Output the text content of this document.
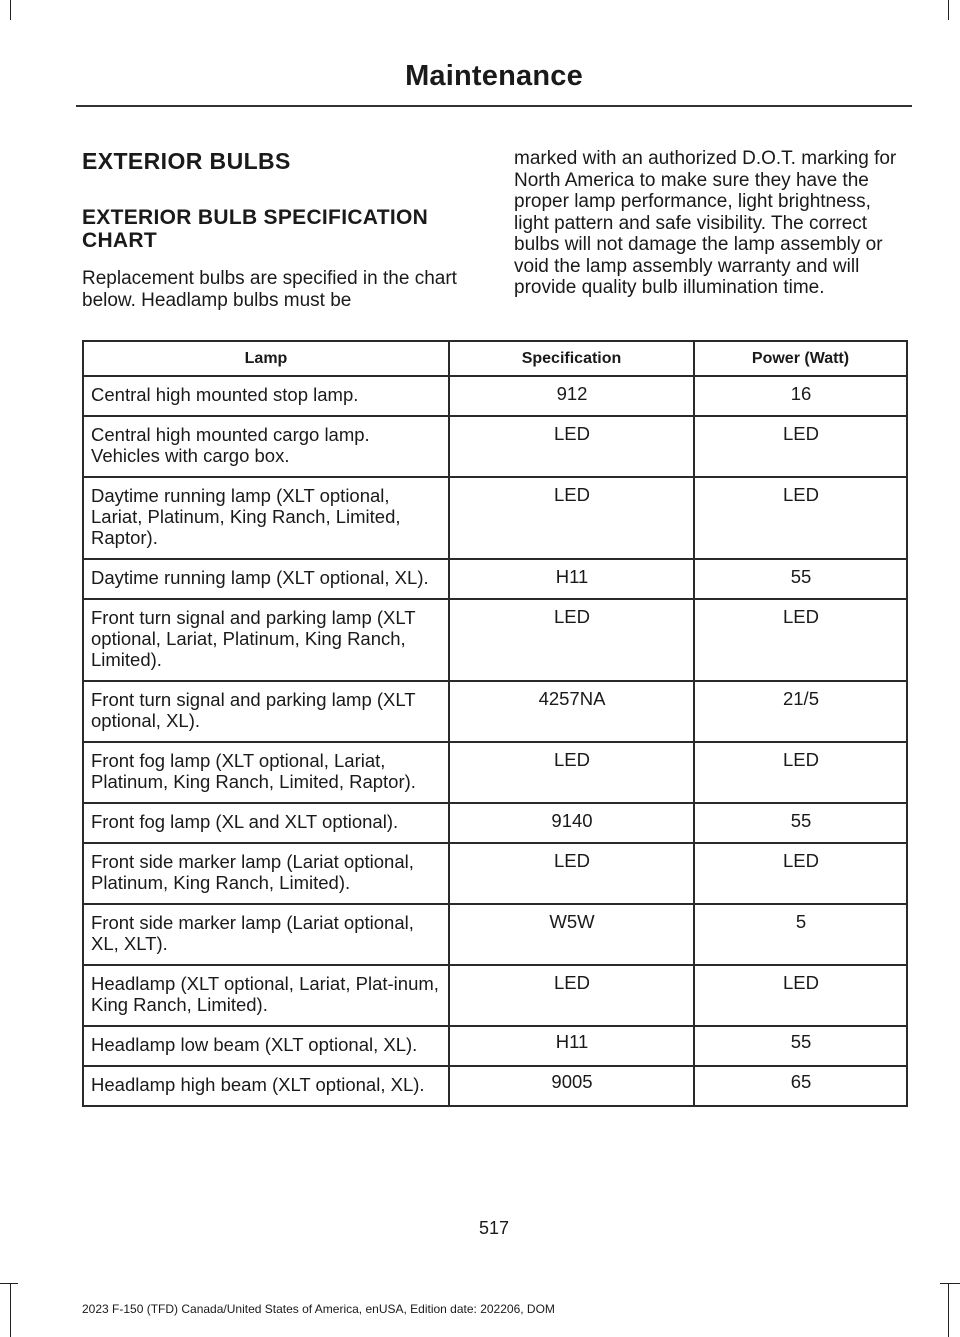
Maintenance
EXTERIOR BULBS
EXTERIOR BULB SPECIFICATION CHART

Replacement bulbs are specified in the chart below. Headlamp bulbs must be

marked with an authorized D.O.T. marking for North America to make sure they have the proper lamp performance, light brightness, light pattern and safe visibility. The correct bulbs will not damage the lamp assembly or void the lamp assembly warranty and will provide quality bulb illumination time.

Lamp	Specification	Power (Watt)
Central high mounted stop lamp.	912	16
Central high mounted cargo lamp. Vehicles with cargo box.	LED	LED
Daytime running lamp (XLT optional, Lariat, Platinum, King Ranch, Limited, Raptor).	LED	LED
Daytime running lamp (XLT optional, XL).	H11	55
Front turn signal and parking lamp (XLT optional, Lariat, Platinum, King Ranch, Limited).	LED	LED
Front turn signal and parking lamp (XLT optional, XL).	4257NA	21/5
Front fog lamp (XLT optional, Lariat, Platinum, King Ranch, Limited, Raptor).	LED	LED
Front fog lamp (XL and XLT optional).	9140	55
Front side marker lamp (Lariat optional, Platinum, King Ranch, Limited).	LED	LED
Front side marker lamp (Lariat optional, XL, XLT).	W5W	5
Headlamp (XLT optional, Lariat, Plat-inum, King Ranch, Limited).	LED	LED
Headlamp low beam (XLT optional, XL).	H11	55
Headlamp high beam (XLT optional, XL).	9005	65
517
2023 F-150 (TFD) Canada/United States of America, enUSA, Edition date: 202206, DOM
